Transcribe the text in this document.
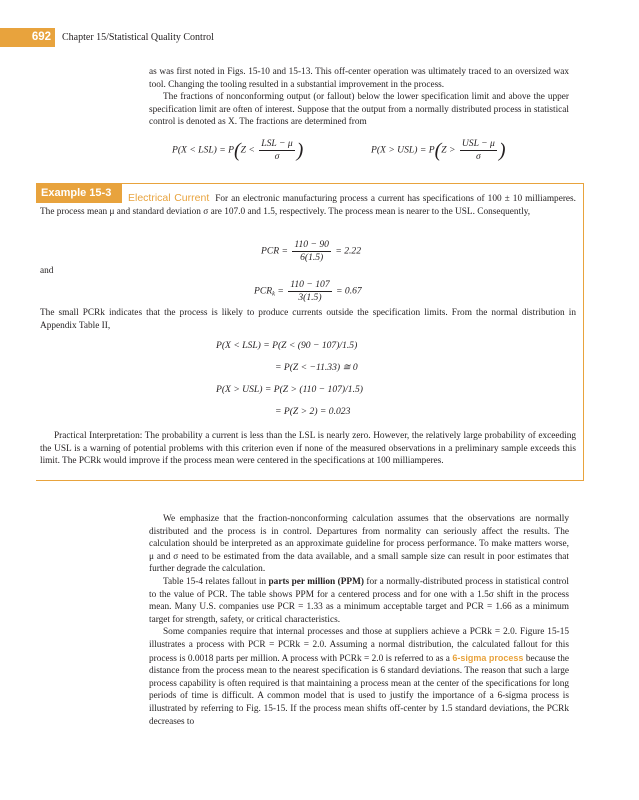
692	Chapter 15/Statistical Quality Control

as was first noted in Figs. 15-10 and 15-13. This off-center operation was ultimately traced to an oversized wax tool. Changing the tooling resulted in a substantial improvement in the process.

The fractions of nonconforming output (or fallout) below the lower specification limit and above the upper specification limit are often of interest. Suppose that the output from a normally distributed process in statistical control is denoted as X. The fractions are determined from

$P(X < LSL) = P(Z < \frac{\text{LSL − μ}}{\sigma}$ )	$P(X > USL) = P(Z > \frac{\text{USL − μ}}{\sigma}$ )
Example 15-3	Electrical Current For an electronic manufacturing process a current has specifications of 100 ± 10 milliamperes. The process mean μ and standard deviation σ are 107.0 and 1.5, respectively. The process mean is nearer to the USL. Consequently,
PCR = $\frac{110 - 90}{6(1.5)} = 2.22$
and
$PCR_k = \frac{110 - 107}{3(1.5)} = 0.67$
The small PCRk indicates that the process is likely to produce currents outside the specification limits. From the normal distribution in Appendix Table II,
P(X < LSL) = P(Z < (90 − 107)/1.5)
= P(Z < −11.33) ≅ 0
P(X > USL) = P(Z > (110 − 107)/1.5)
= P(Z > 2) = 0.023
Practical Interpretation: The probability a current is less than the LSL is nearly zero. However, the relatively large probability of exceeding the USL is a warning of potential problems with this criterion even if none of the measured observations in a preliminary sample exceeds this limit. The PCRk would improve if the process mean were centered in the specifications at 100 milliamperes.

We emphasize that the fraction-nonconforming calculation assumes that the observations are normally distributed and the process is in control. Departures from normality can seriously affect the results. The calculation should be interpreted as an approximate guideline for process performance. To make matters worse, μ and σ need to be estimated from the data available, and a small sample size can result in poor estimates that further degrade the calculation.

Table 15-4 relates fallout in parts per million (PPM) for a normally-distributed process in statistical control to the value of PCR. The table shows PPM for a centered process and for one with a 1.5σ shift in the process mean. Many U.S. companies use PCR = 1.33 as a minimum acceptable target and PCR = 1.66 as a minimum target for strength, safety, or critical characteristics.

Some companies require that internal processes and those at suppliers achieve a PCRk = 2.0. Figure 15-15 illustrates a process with PCR = PCRk = 2.0. Assuming a normal distribution, the calculated fallout for this process is 0.0018 parts per million. A process with PCRk = 2.0 is referred to as a 6-sigma process because the distance from the process mean to the nearest specification is 6 standard deviations. The reason that such a large process capability is often required is that maintaining a process mean at the center of the specifications for long periods of time is difficult. A common model that is used to justify the importance of a 6-sigma process is illustrated by referring to Fig. 15-15. If the process mean shifts off-center by 1.5 standard deviations, the PCRk decreases to
